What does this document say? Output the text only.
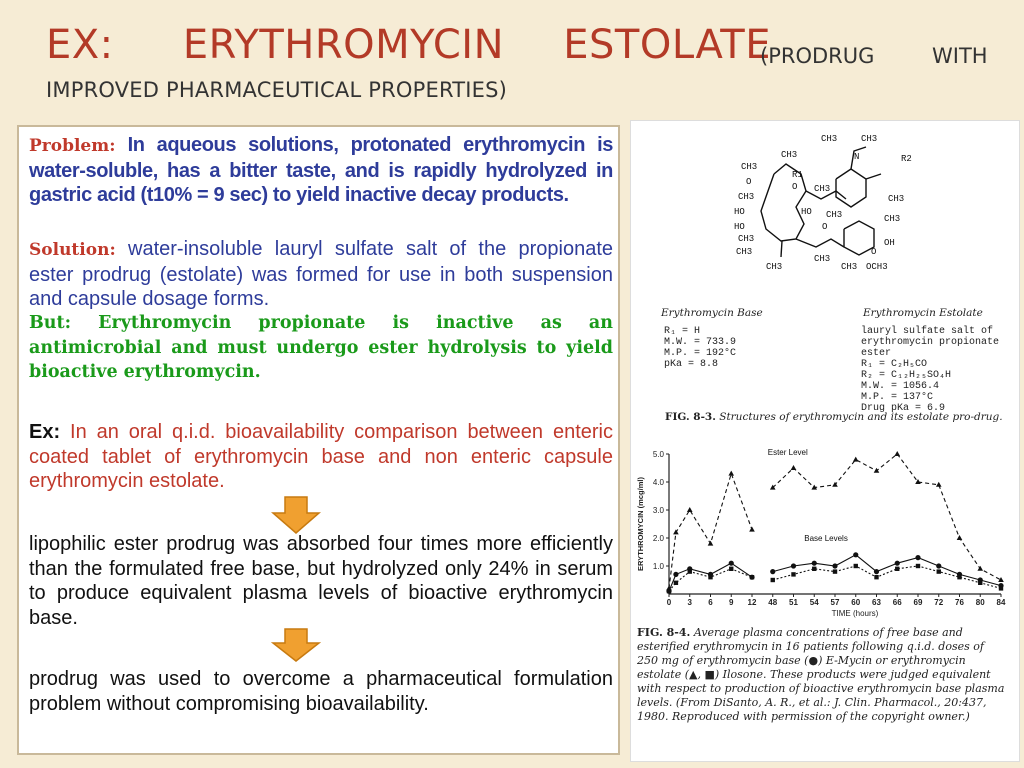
EX: ERYTHROMYCIN ESTOLATE
(PRODRUG	WITH
IMPROVED PHARMACEUTICAL PROPERTIES)
Problem: In aqueous solutions, protonated erythromycin is water-soluble, has a bitter taste, and is rapidly hydrolyzed in gastric acid (t10% = 9 sec) to yield inactive decay products.
Solution: water-insoluble lauryl sulfate salt of the propionate ester prodrug (estolate) was formed for use in both suspension and capsule dosage forms.
But: Erythromycin propionate is inactive as an antimicrobial and must undergo ester hydrolysis to yield bioactive erythromycin.
Ex: In an oral q.i.d. bioavailability comparison between enteric coated tablet of erythromycin base and non enteric capsule erythromycin estolate.
lipophilic ester prodrug was absorbed four times more efficiently than the formulated free base, but hydrolyzed only 24% in serum to produce equivalent plasma levels of bioactive erythromycin base.
prodrug was used to overcome a pharmaceutical formulation problem without compromising bioavailability.
CH3
O
CH3
HO
HO
CH3
CH3
CH3
CH3
R1
O CH3
HO
O
CH3
CH3	CH3
N	R2
CH3
CH3	CH3
OH
CH3 OCH3
O
Erythromycin Base
R₁ = H
M.W. = 733.9
M.P. = 192°C
pKa = 8.8
Erythromycin Estolate
lauryl sulfate salt of
erythromycin propionate
ester
R₁ = C₂H₅CO
R₂ = C₁₂H₂₅SO₄H
M.W. = 1056.4
M.P. = 137°C
Drug pKa = 6.9
FIG. 8-3. Structures of erythromycin and its estolate pro-drug.
1.0
2.0
3.0
4.0
5.0
0 3 6 9 12 48 51 54 57 60 63 66 69 72 76 80 84
TIME (hours)
ERYTHROMYCIN (mcg/ml)
Ester Level
Base Levels
FIG. 8-4. Average plasma concentrations of free base and esterified erythromycin in 16 patients following q.i.d. doses of 250 mg of erythromycin base (●) E-Mycin or erythromycin estolate (▲, ■) Ilosone. These products were judged equivalent with respect to production of bioactive erythromycin base plasma levels. (From DiSanto, A. R., et al.: J. Clin. Pharmacol., 20:437, 1980. Reproduced with permission of the copyright owner.)
